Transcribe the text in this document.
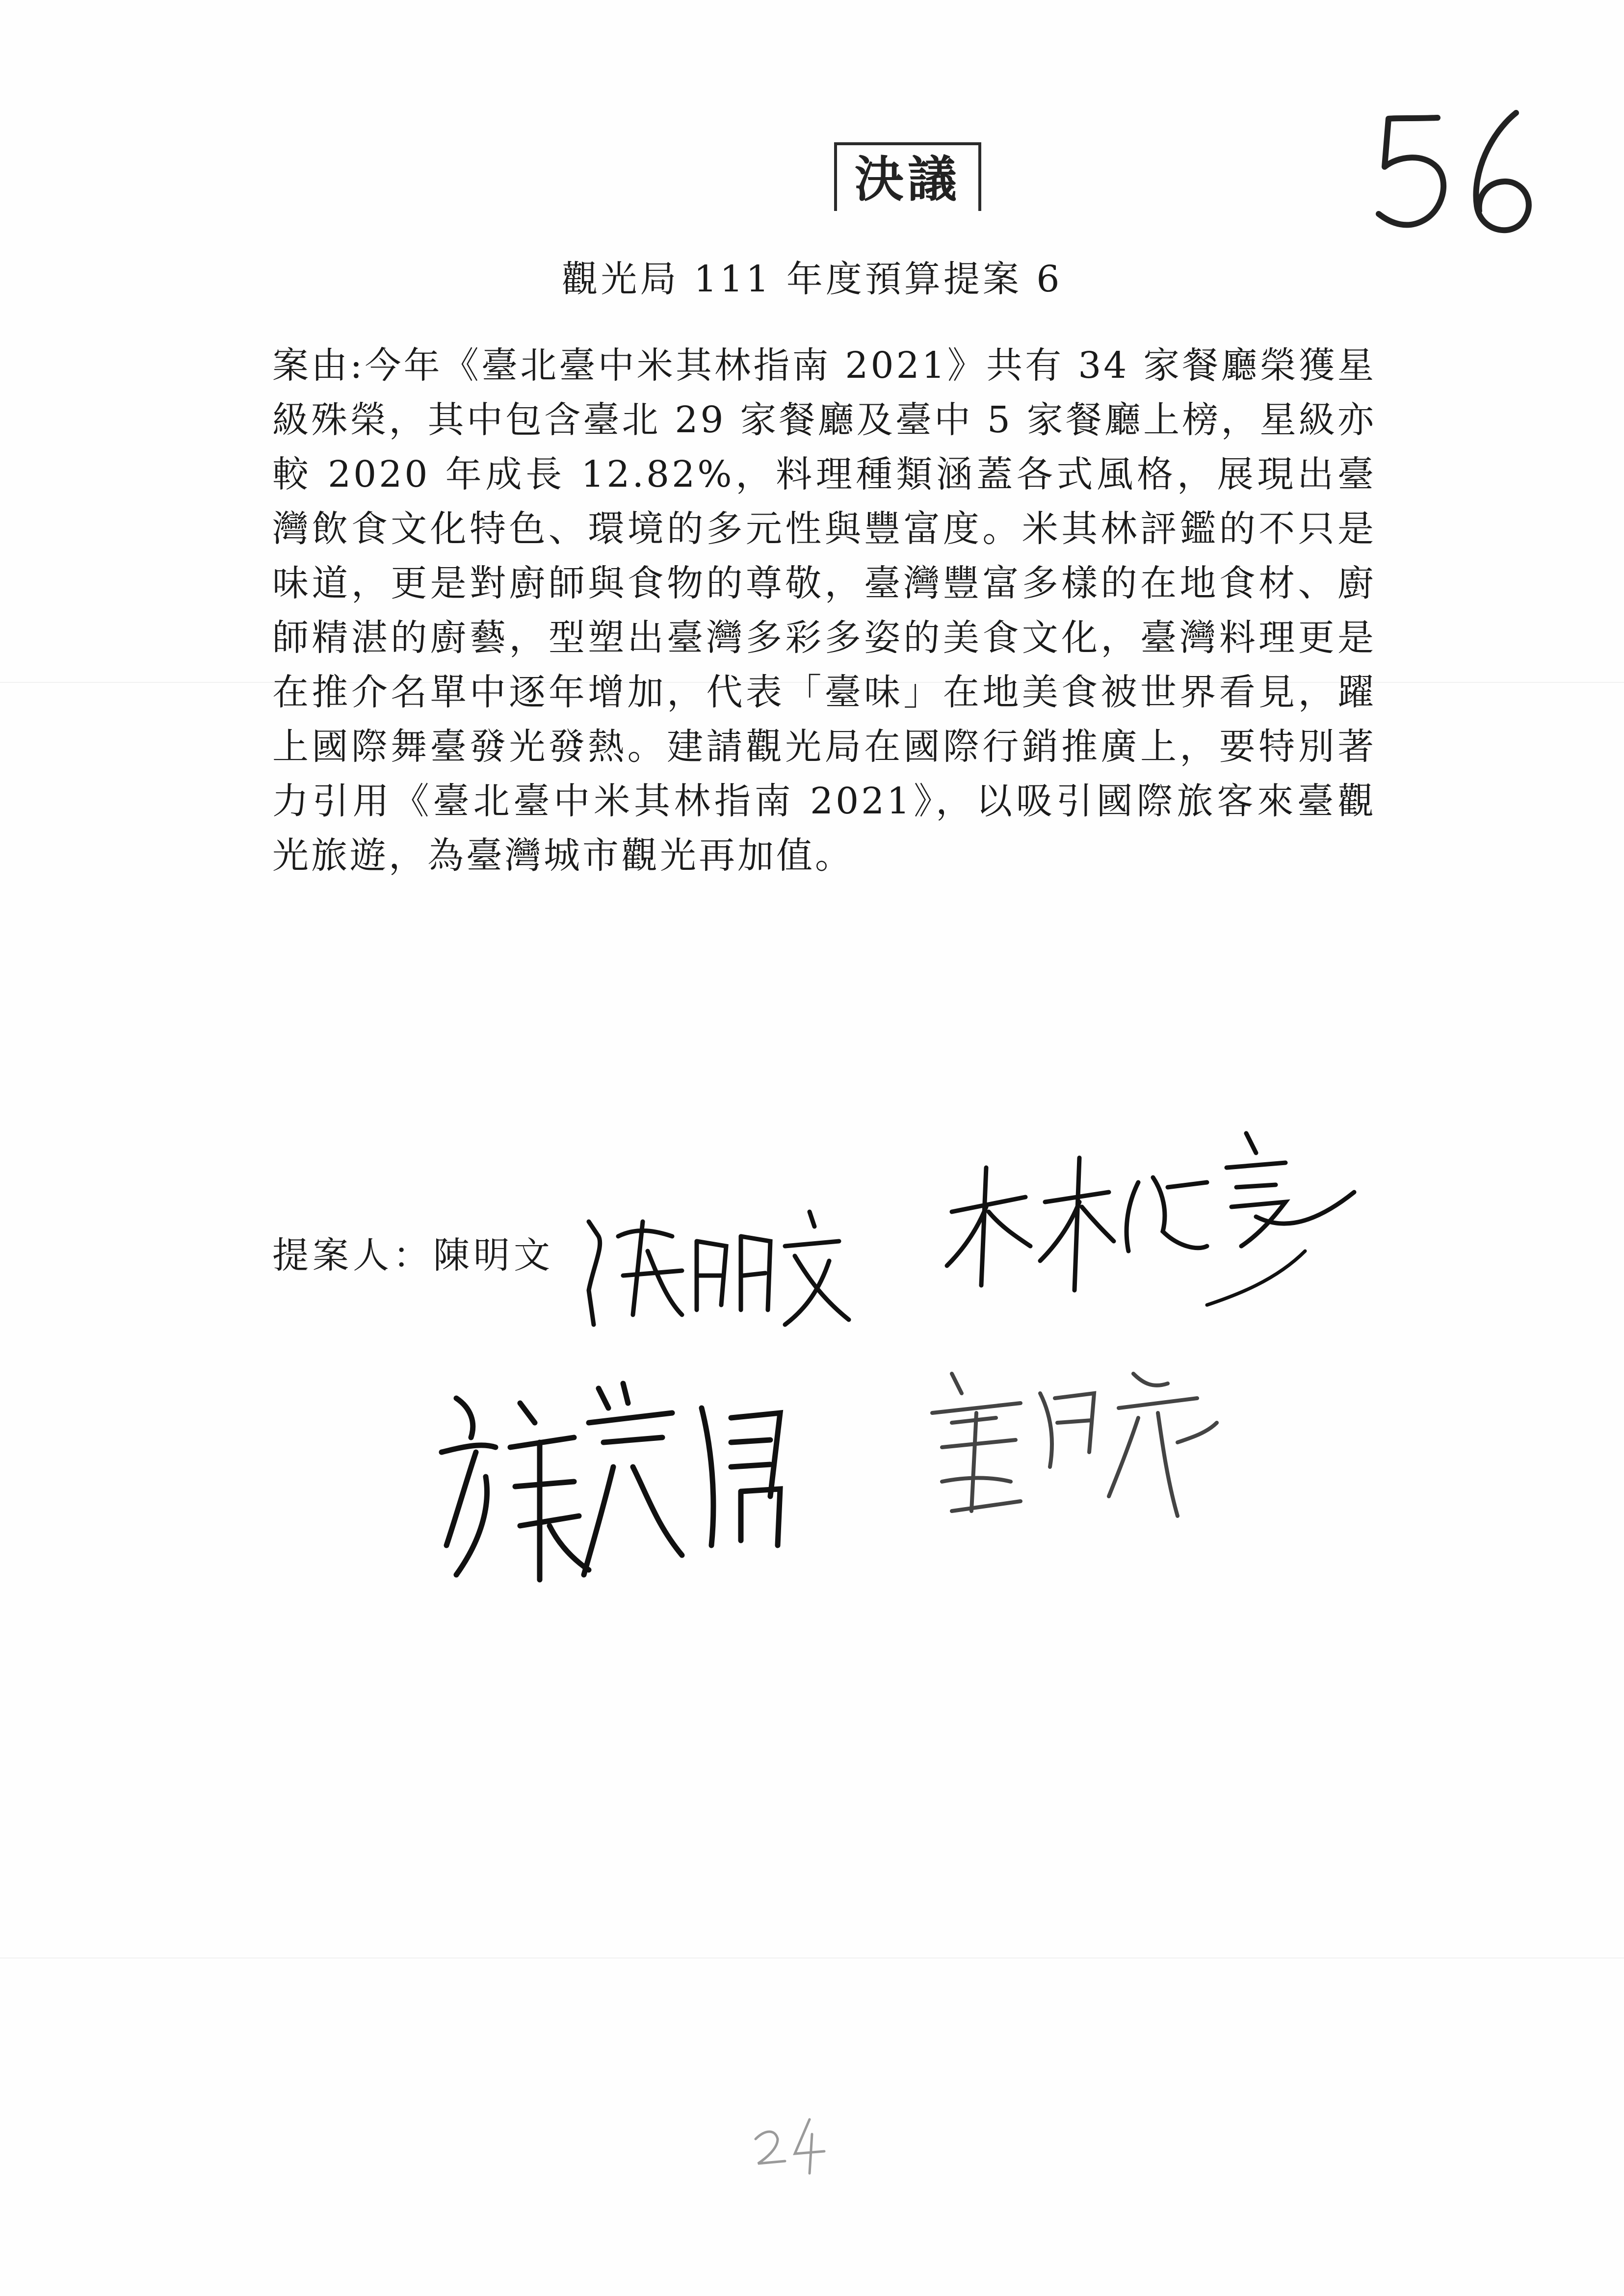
決議
觀光局 111 年度預算提案 6

案由:今年《臺北臺中米其林指南 2021》共有 34 家餐廳榮獲星級殊榮，其中包含臺北 29 家餐廳及臺中 5 家餐廳上榜，星級亦較 2020 年成長 12.82%，料理種類涵蓋各式風格，展現出臺灣飲食文化特色、環境的多元性與豐富度。米其林評鑑的不只是味道，更是對廚師與食物的尊敬，臺灣豐富多樣的在地食材、廚師精湛的廚藝，型塑出臺灣多彩多姿的美食文化，臺灣料理更是在推介名單中逐年增加，代表「臺味」在地美食被世界看見，躍上國際舞臺發光發熱。建請觀光局在國際行銷推廣上，要特別著力引用《臺北臺中米其林指南 2021》，以吸引國際旅客來臺觀光旅遊，為臺灣城市觀光再加值。

提案人：陳明文
